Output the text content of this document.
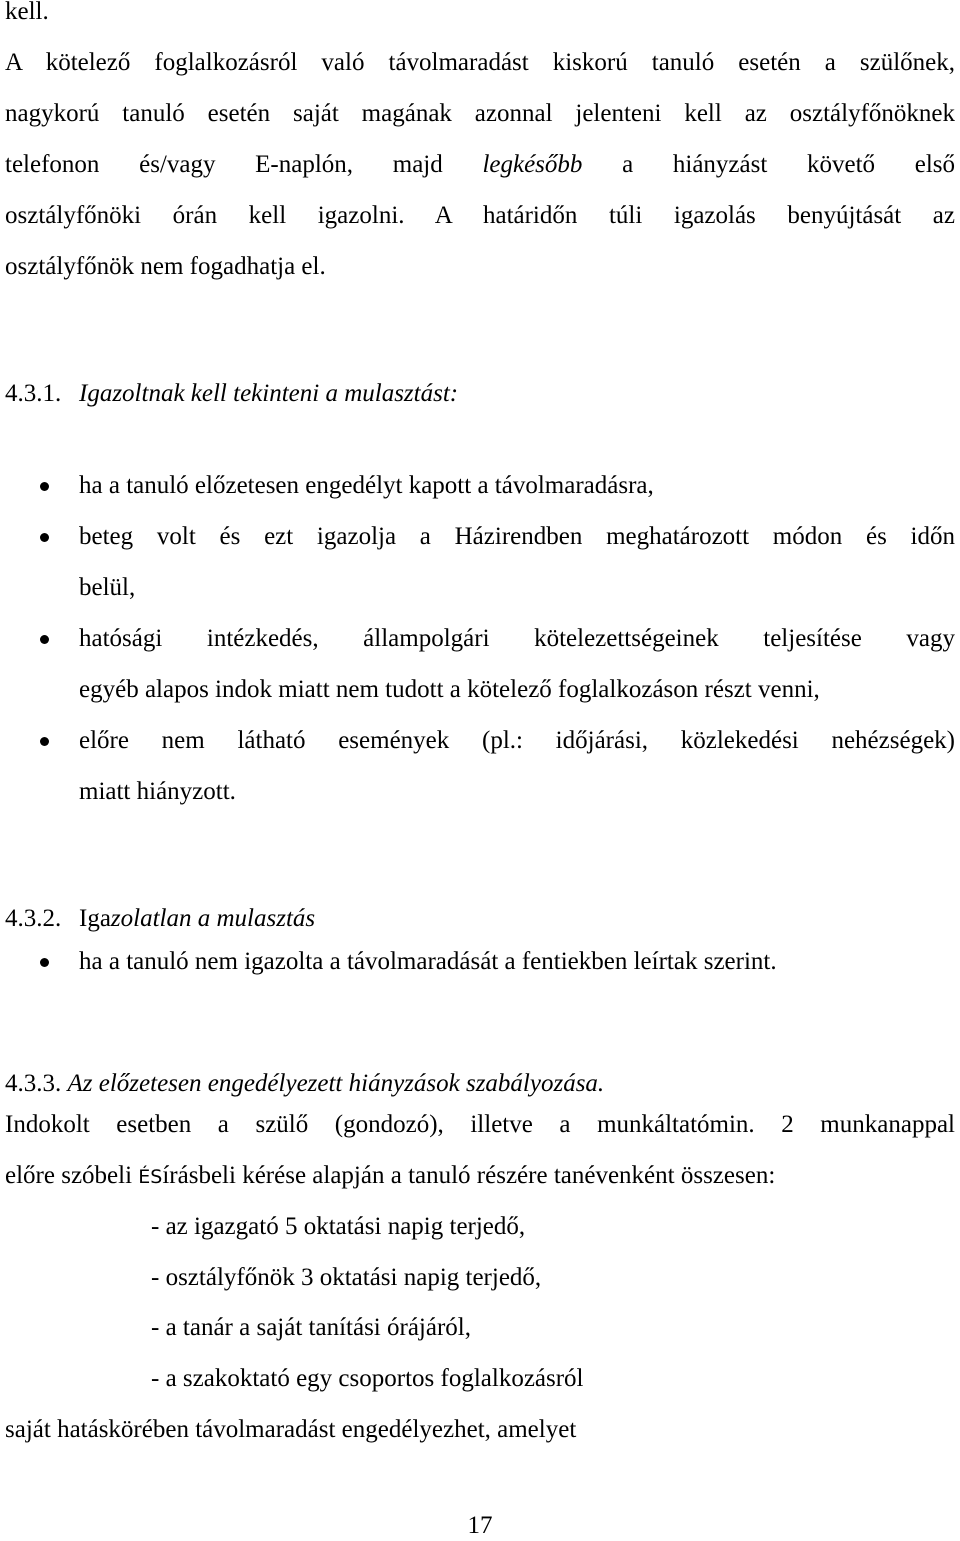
kell.
A kötelező foglalkozásról való távolmaradást kiskorú tanuló esetén a szülőnek,
nagykorú tanuló esetén saját magának azonnal jelenteni kell az osztályfőnöknek
telefonon és/vagy E-naplón, majd legkésőbb a hiányzást követő első
osztályfőnöki órán kell igazolni. A határidőn túli igazolás benyújtását az
osztályfőnök nem fogadhatja el.
4.3.1. Igazoltnak kell tekinteni a mulasztást:
ha a tanuló előzetesen engedélyt kapott a távolmaradásra,
beteg volt és ezt igazolja a Házirendben meghatározott módon és időn
belül,
hatósági intézkedés, állampolgári kötelezettségeinek teljesítése vagy
egyéb alapos indok miatt nem tudott a kötelező foglalkozáson részt venni,
előre nem látható események (pl.: időjárási, közlekedési nehézségek)
miatt hiányzott.
4.3.2. Igazolatlan a mulasztás
ha a tanuló nem igazolta a távolmaradását a fentiekben leírtak szerint.
4.3.3. Az előzetesen engedélyezett hiányzások szabályozása.
Indokolt esetben a szülő (gondozó), illetve a munkáltatómin. 2 munkanappal
előre szóbeli ÉSírásbeli kérése alapján a tanuló részére tanévenként összesen:
- az igazgató 5 oktatási napig terjedő,
- osztályfőnök 3 oktatási napig terjedő,
- a tanár a saját tanítási órájáról,
- a szakoktató egy csoportos foglalkozásról
saját hatáskörében távolmaradást engedélyezhet, amelyet
17
